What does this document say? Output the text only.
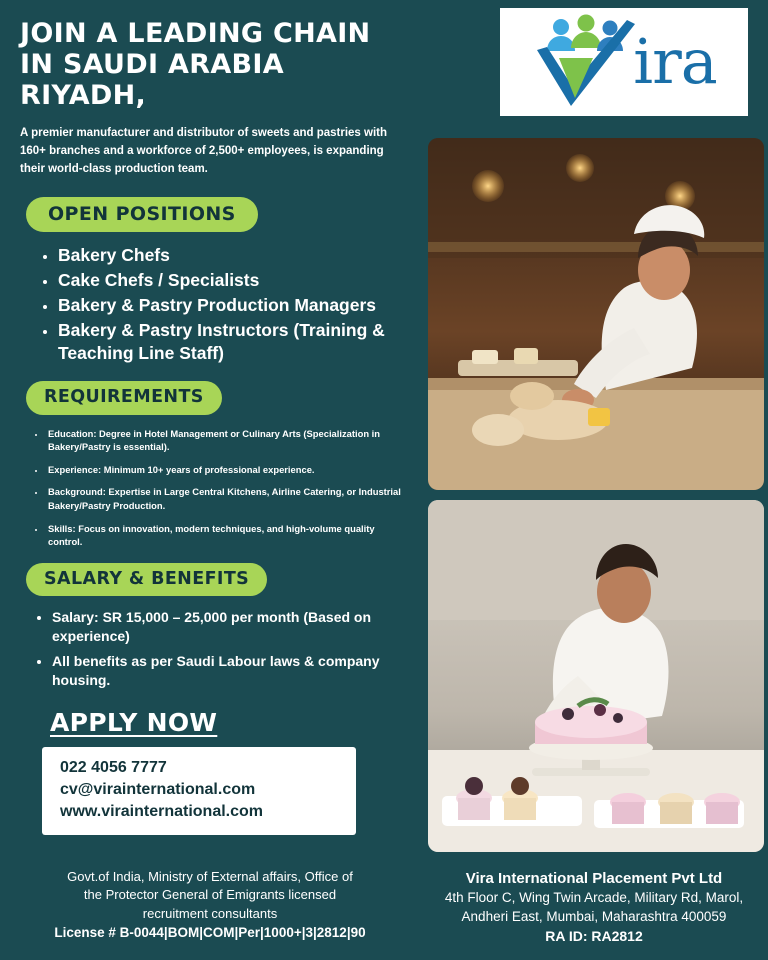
JOIN A LEADING CHAIN IN SAUDI ARABIA RIYADH,
A premier manufacturer and distributor of sweets and pastries with 160+ branches and a workforce of 2,500+ employees, is expanding their world-class production team.
OPEN POSITIONS
• Bakery Chefs
• Cake Chefs / Specialists
• Bakery & Pastry Production Managers
• Bakery & Pastry Instructors (Training & Teaching Line Staff)
REQUIREMENTS
• Education: Degree in Hotel Management or Culinary Arts (Specialization in Bakery/Pastry is essential).
• Experience: Minimum 10+ years of professional experience.
• Background: Expertise in Large Central Kitchens, Airline Catering, or Industrial Bakery/Pastry Production.
• Skills: Focus on innovation, modern techniques, and high-volume quality control.
SALARY & BENEFITS
• Salary: SR 15,000 – 25,000 per month (Based on experience)
• All benefits as per Saudi Labour laws & company housing.
APPLY NOW
022 4056 7777
cv@virainternational.com
www.virainternational.com
Govt.of India, Ministry of External affairs, Office of
the Protector General of Emigrants licensed
recruitment consultants
License # B-0044|BOM|COM|Per|1000+|3|2812|90
ira
Vira International Placement Pvt Ltd
4th Floor C, Wing Twin Arcade, Military Rd, Marol,
Andheri East, Mumbai, Maharashtra 400059
RA ID: RA2812
